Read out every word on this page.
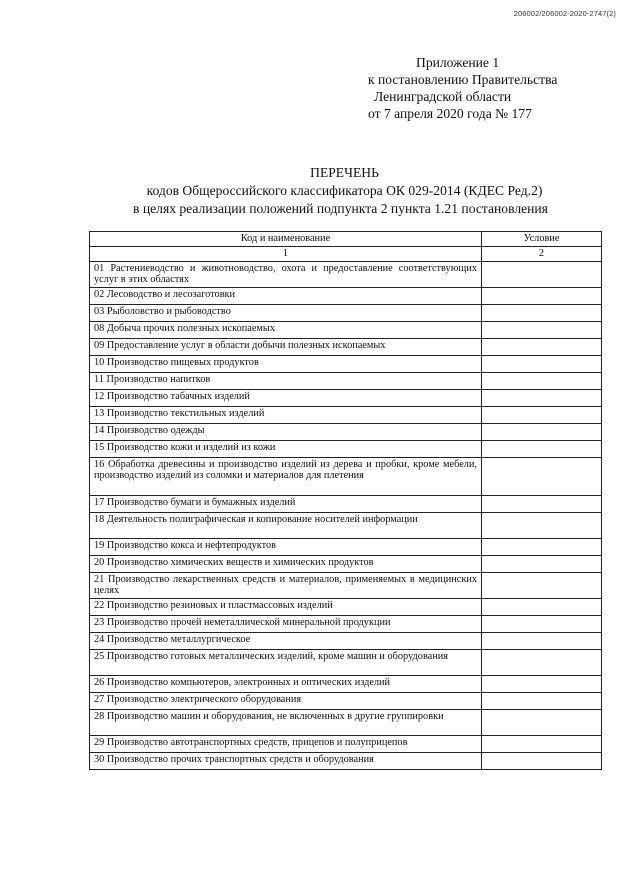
206002/206002-2020-2747(2)
Приложение 1
к постановлению Правительства
Ленинградской области
от 7 апреля 2020 года № 177
ПЕРЕЧЕНЬ
кодов Общероссийского классификатора ОК 029-2014 (КДЕС Ред.2)
в целях реализации положений подпункта 2 пункта 1.21 постановления
Код и наименование	Условие
1	2
01 Растениеводство и животноводство, охота и предоставление соответствующих услуг в этих областях	
02 Лесоводство и лесозаготовки	
03 Рыболовство и рыбоводство	
08 Добыча прочих полезных ископаемых	
09 Предоставление услуг в области добычи полезных ископаемых	
10 Производство пищевых продуктов	
11 Производство напитков	
12 Производство табачных изделий	
13 Производство текстильных изделий	
14 Производство одежды	
15 Производство кожи и изделий из кожи	
16 Обработка древесины и производство изделий из дерева и пробки, кроме мебели, производство изделий из соломки и материалов для плетения	
17 Производство бумаги и бумажных изделий	
18 Деятельность полиграфическая и копирование носителей информации	
19 Производство кокса и нефтепродуктов	
20 Производство химических веществ и химических продуктов	
21 Производство лекарственных средств и материалов, применяемых в медицинских целях	
22 Производство резиновых и пластмассовых изделий	
23 Производство прочей неметаллической минеральной продукции	
24 Производство металлургическое	
25 Производство готовых металлических изделий, кроме машин и оборудования	
26 Производство компьютеров, электронных и оптических изделий	
27 Производство электрического оборудования	
28 Производство машин и оборудования, не включенных в другие группировки	
29 Производство автотранспортных средств, прицепов и полуприцепов	
30 Производство прочих транспортных средств и оборудования	
